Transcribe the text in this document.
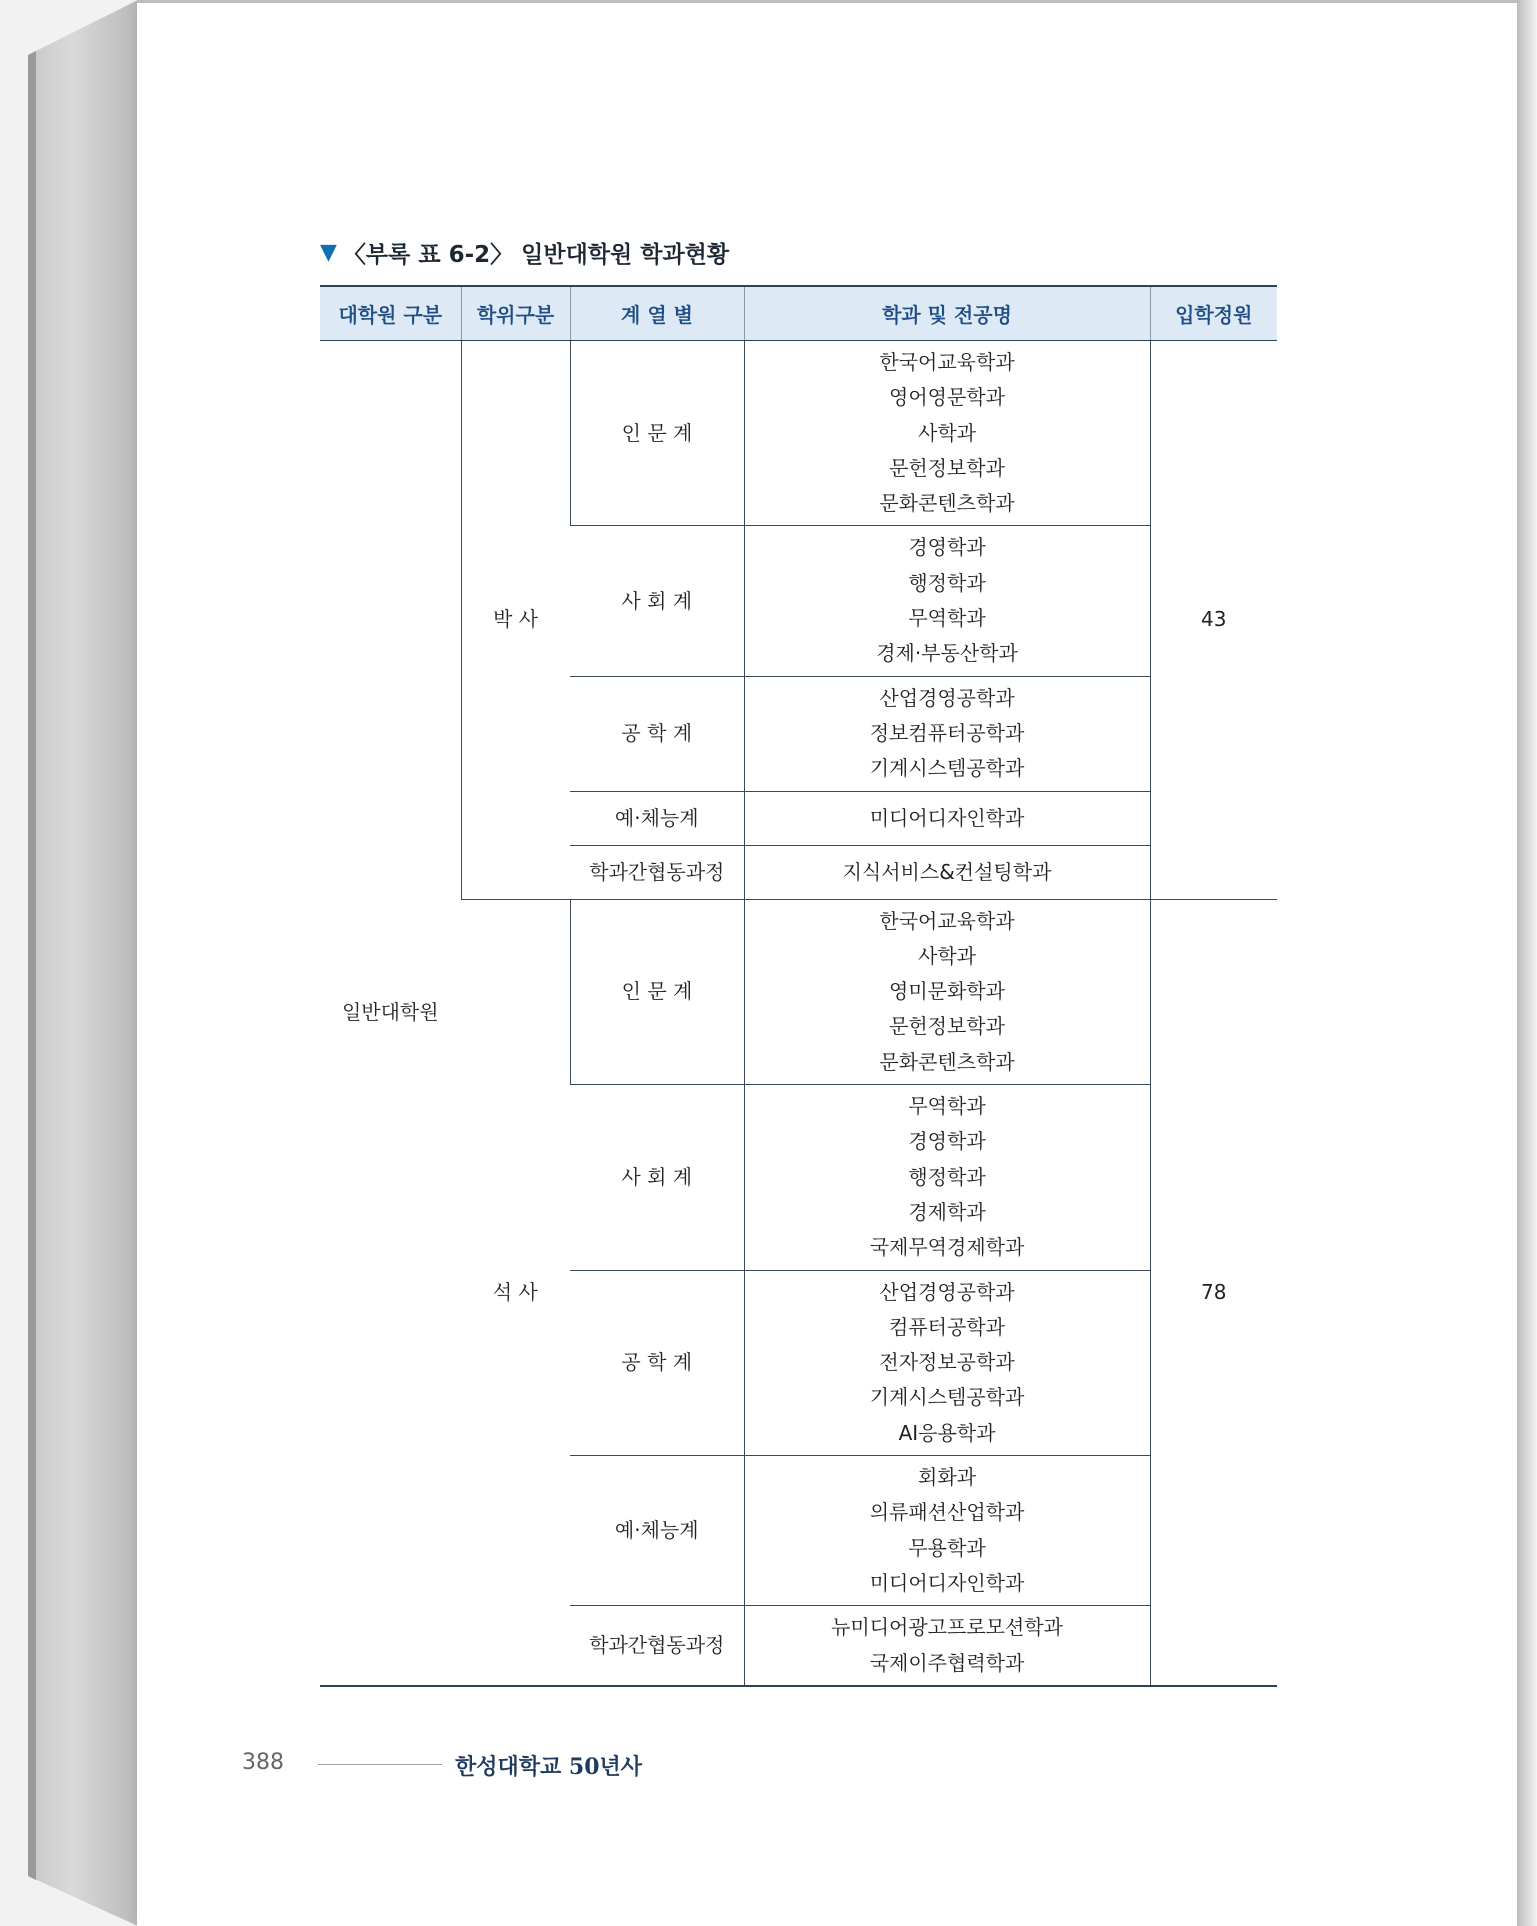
▼ 〈부록 표 6-2〉 일반대학원 학과현황
대학원 구분	학위구분	계 열 별	학과 및 전공명	입학정원
일반대학원	박 사	인 문 계	한국어교육학과
영어영문학과
사학과
문헌정보학과
문화콘텐츠학과	43
		사 회 계	경영학과
행정학과
무역학과
경제·부동산학과	

		공 학 계	산업경영공학과
정보컴퓨터공학과
기계시스템공학과	

		예·체능계	미디어디자인학과	
		학과간협동과정	지식서비스&컨설팅학과	
	석 사	인 문 계	한국어교육학과
사학과
영미문화학과
문헌정보학과
문화콘텐츠학과	78
		사 회 계	무역학과
경영학과
행정학과
경제학과
국제무역경제학과	

		공 학 계	산업경영공학과
컴퓨터공학과
전자정보공학과
기계시스템공학과
AI응용학과	

		예·체능계	회화과
의류패션산업학과
무용학과
미디어디자인학과	

		학과간협동과정	뉴미디어광고프로모션학과
국제이주협력학과	
388	한성대학교 50년사
